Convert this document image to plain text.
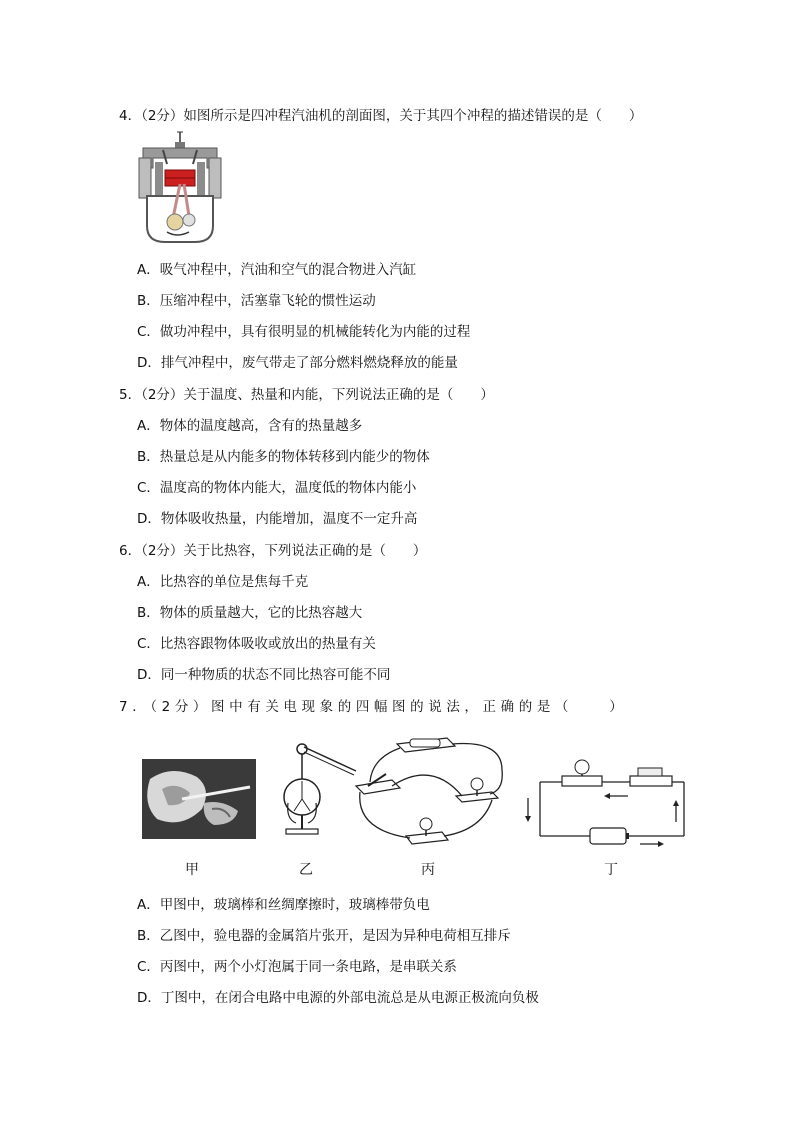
4．（2分）如图所示是四冲程汽油机的剖面图，关于其四个冲程的描述错误的是（　　）
A．吸气冲程中，汽油和空气的混合物进入汽缸
B．压缩冲程中，活塞靠飞轮的惯性运动
C．做功冲程中，具有很明显的机械能转化为内能的过程
D．排气冲程中，废气带走了部分燃料燃烧释放的能量
5．（2分）关于温度、热量和内能，下列说法正确的是（　　）
A．物体的温度越高，含有的热量越多
B．热量总是从内能多的物体转移到内能少的物体
C．温度高的物体内能大，温度低的物体内能小
D．物体吸收热量，内能增加，温度不一定升高
6．（2分）关于比热容，下列说法正确的是（　　）
A．比热容的单位是焦每千克
B．物体的质量越大，它的比热容越大
C．比热容跟物体吸收或放出的热量有关
D．同一种物质的状态不同比热容可能不同
7．（2分）图中有关电现象的四幅图的说法，正确的是（　　）
甲	乙	丙	丁
A．甲图中，玻璃棒和丝绸摩擦时，玻璃棒带负电
B．乙图中，验电器的金属箔片张开，是因为异种电荷相互排斥
C．丙图中，两个小灯泡属于同一条电路，是串联关系
D．丁图中，在闭合电路中电源的外部电流总是从电源正极流向负极
